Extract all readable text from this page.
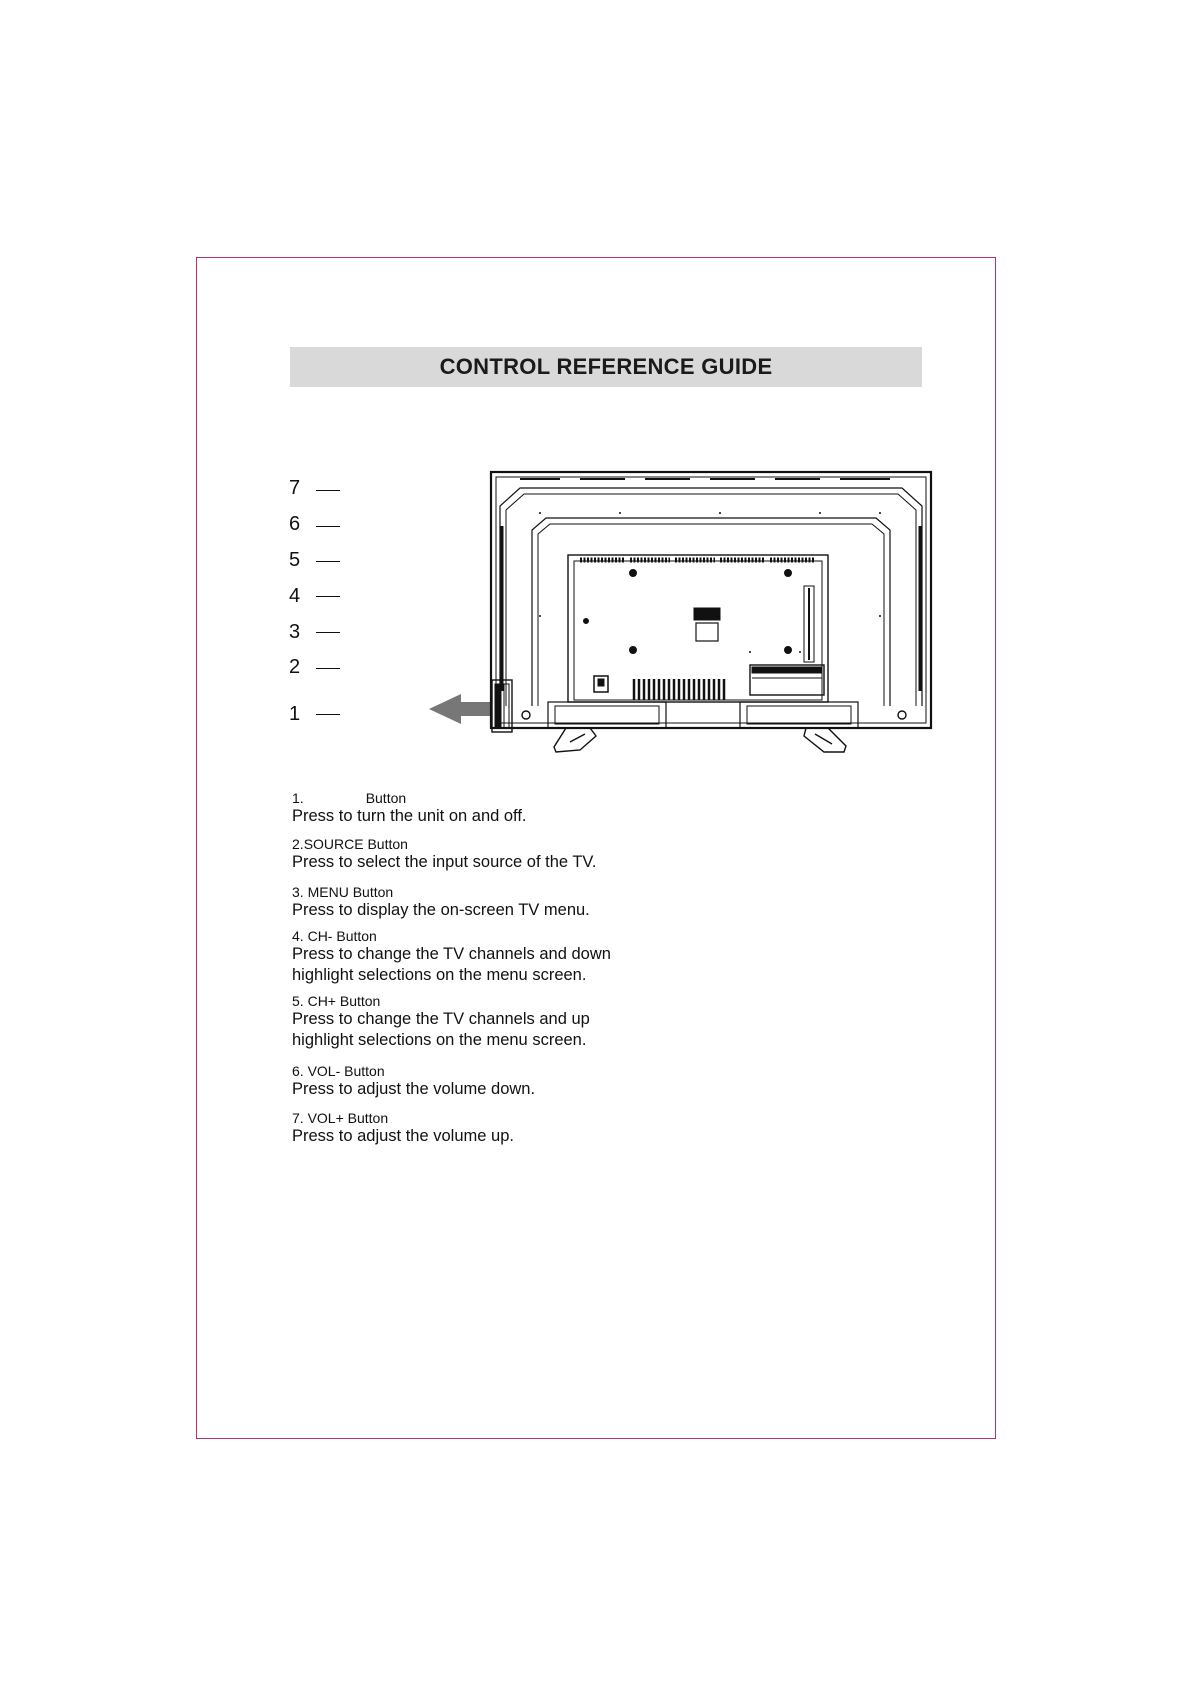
CONTROL REFERENCE GUIDE
7
6
5
4
3
2
1
1.	Button
Press to turn the unit on and off.
2.SOURCE Button
Press to select the input source of the TV.
3. MENU Button
Press to display the on-screen TV menu.
4. CH- Button
Press to change the TV channels and down
highlight selections on the menu screen.
5. CH+ Button
Press to change the TV channels and up
highlight selections on the menu screen.
6. VOL- Button
Press to adjust the volume down.
7. VOL+ Button
Press to adjust the volume up.
